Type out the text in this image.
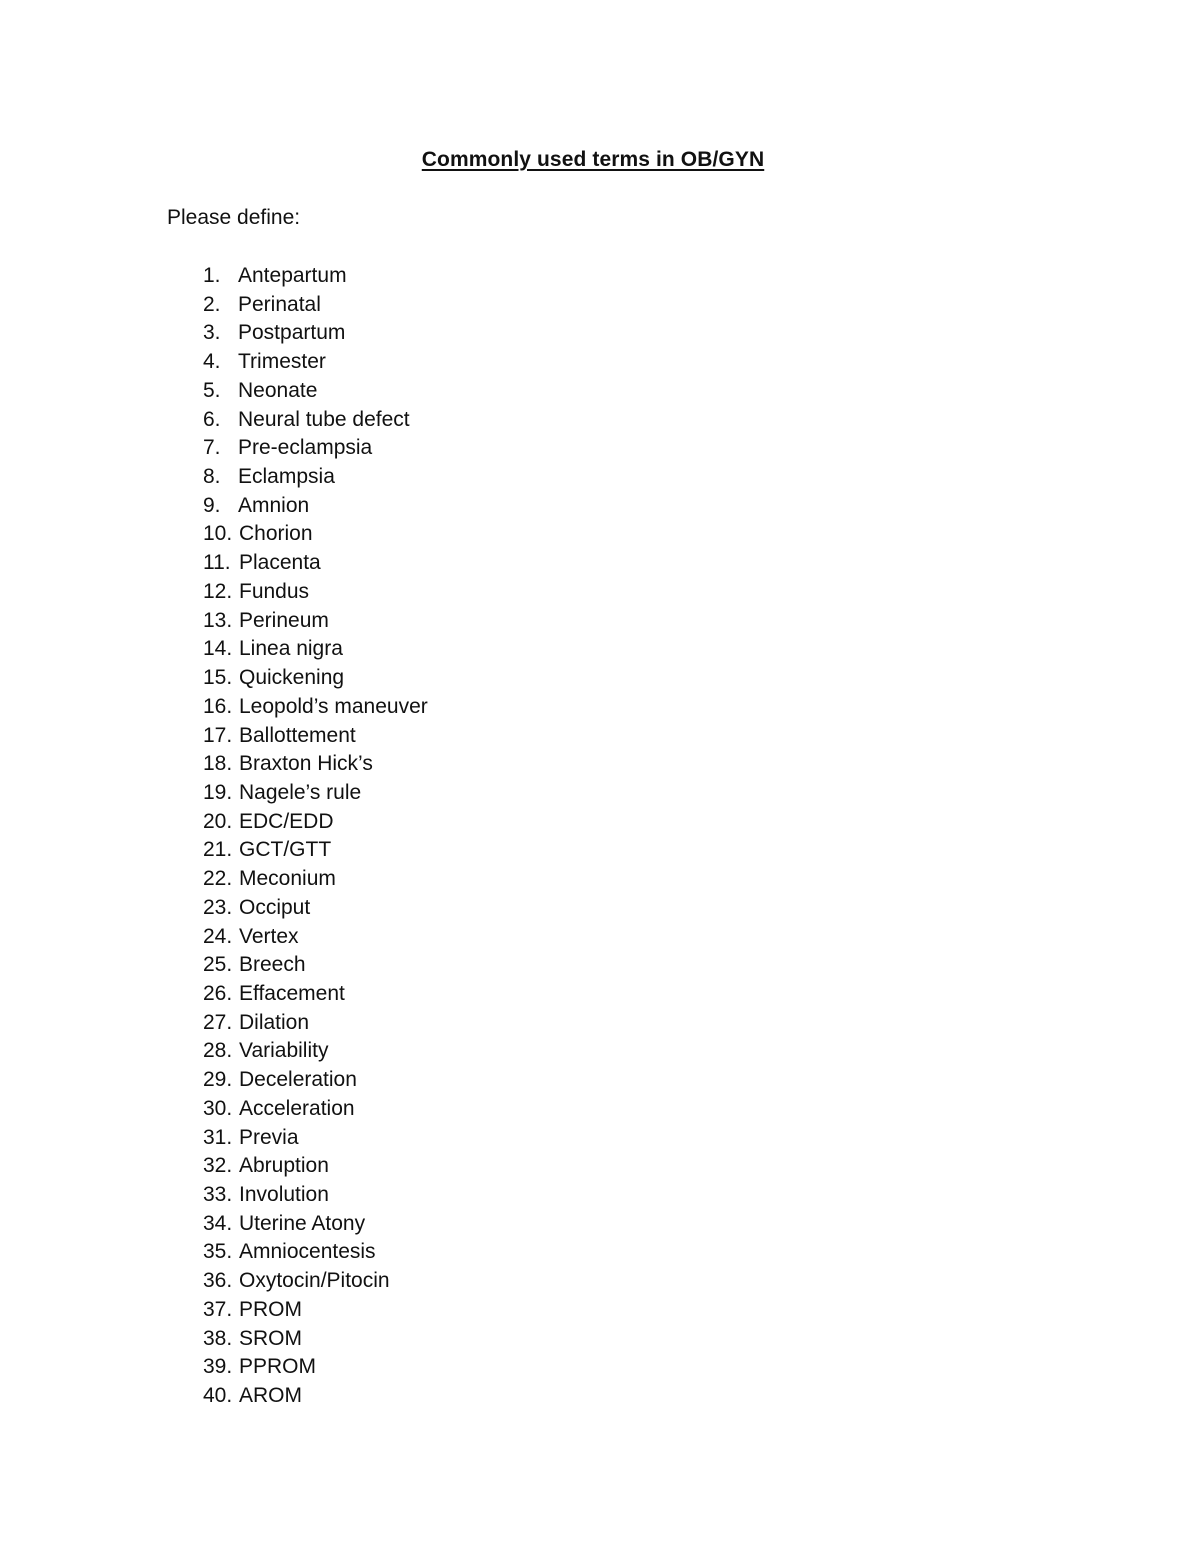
Commonly used terms in OB/GYN
Please define:
1. Antepartum
2. Perinatal
3. Postpartum
4. Trimester
5. Neonate
6. Neural tube defect
7. Pre-eclampsia
8. Eclampsia
9. Amnion
10. Chorion
11. Placenta
12. Fundus
13. Perineum
14. Linea nigra
15. Quickening
16. Leopold’s maneuver
17. Ballottement
18. Braxton Hick’s
19. Nagele’s rule
20. EDC/EDD
21. GCT/GTT
22. Meconium
23. Occiput
24. Vertex
25. Breech
26. Effacement
27. Dilation
28. Variability
29. Deceleration
30. Acceleration
31. Previa
32. Abruption
33. Involution
34. Uterine Atony
35. Amniocentesis
36. Oxytocin/Pitocin
37. PROM
38. SROM
39. PPROM
40. AROM
